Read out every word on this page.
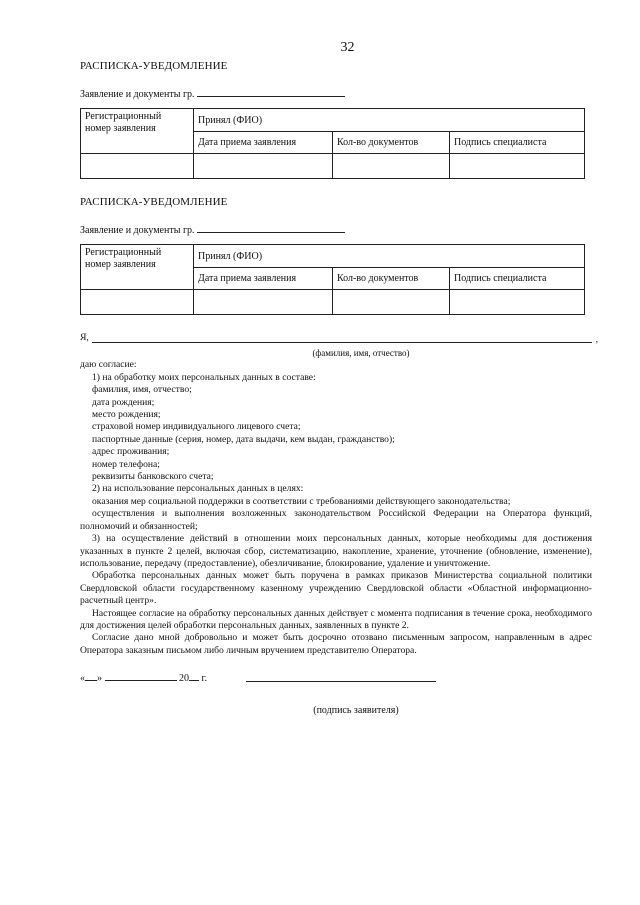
32
РАСПИСКА-УВЕДОМЛЕНИЕ
Заявление и документы гр.
Регистрационный номер заявления	Принял (ФИО)		
	Дата приема заявления	Кол-во документов	Подпись специалиста

РАСПИСКА-УВЕДОМЛЕНИЕ
Заявление и документы гр.
Регистрационный номер заявления	Принял (ФИО)		
	Дата приема заявления	Кол-во документов	Подпись специалиста

Я,	,
(фамилия, имя, отчество)

даю согласие:

1) на обработку моих персональных данных в составе:

фамилия, имя, отчество;

дата рождения;

место рождения;

страховой номер индивидуального лицевого счета;

паспортные данные (серия, номер, дата выдачи, кем выдан, гражданство);

адрес проживания;

номер телефона;

реквизиты банковского счета;

2) на использование персональных данных в целях:

оказания мер социальной поддержки в соответствии с требованиями действующего законодательства;

осуществления и выполнения возложенных законодательством Российской Федерации на Оператора функций, полномочий и обязанностей;

3) на осуществление действий в отношении моих персональных данных, которые необходимы для достижения указанных в пункте 2 целей, включая сбор, систематизацию, накопление, хранение, уточнение (обновление, изменение), использование, передачу (предоставление), обезличивание, блокирование, удаление и уничтожение.

Обработка персональных данных может быть поручена в рамках приказов Министерства социальной политики Свердловской области государственному казенному учреждению Свердловской области «Областной информационно-расчетный центр».

Настоящее согласие на обработку персональных данных действует с момента подписания в течение срока, необходимого для достижения целей обработки персональных данных, заявленных в пункте 2.

Согласие дано мной добровольно и может быть досрочно отозвано письменным запросом, направленным в адрес Оператора заказным письмом либо личным вручением представителю Оператора.

« »	20 г.
(подпись заявителя)
